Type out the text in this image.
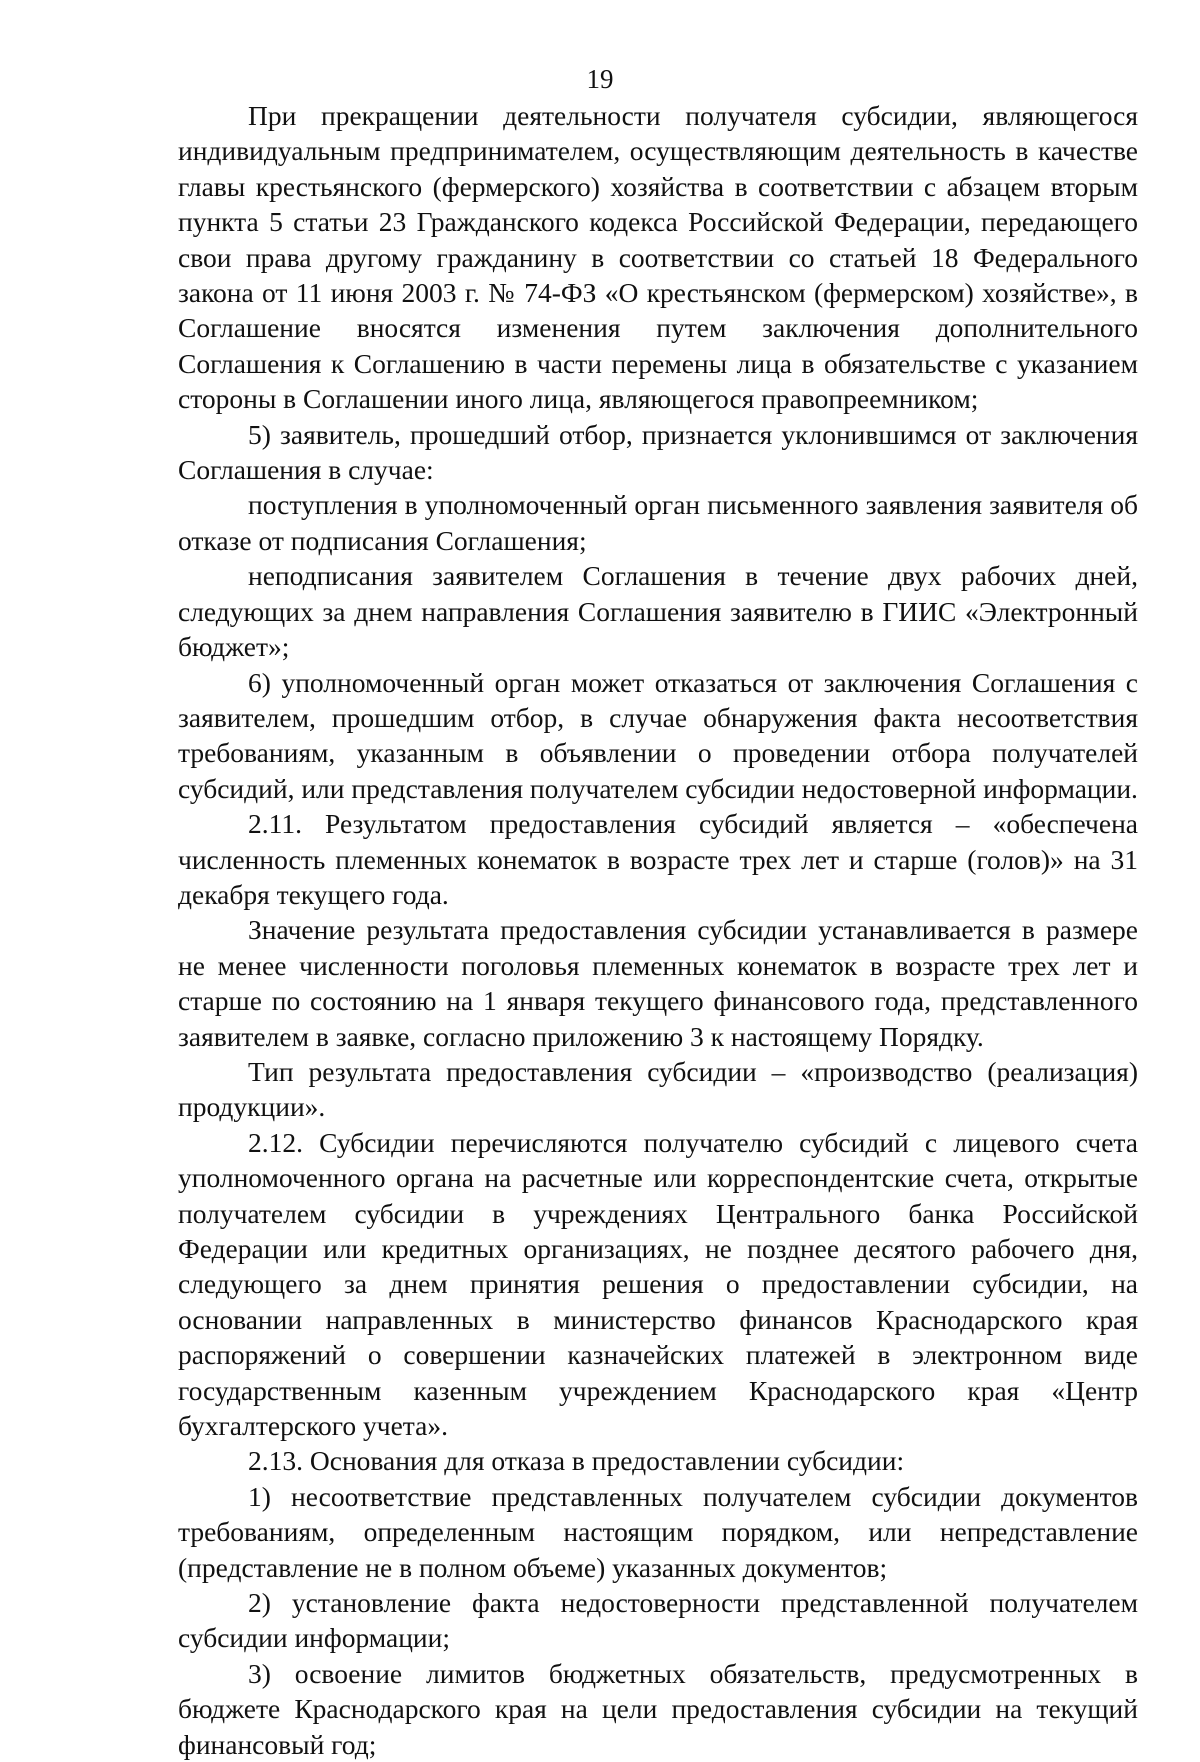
19

При прекращении деятельности получателя субсидии, являющегося индивидуальным предпринимателем, осуществляющим деятельность в качестве главы крестьянского (фермерского) хозяйства в соответствии с абзацем вторым пункта 5 статьи 23 Гражданского кодекса Российской Федерации, передающего свои права другому гражданину в соответствии со статьей 18 Федерального закона от 11 июня 2003 г. № 74-ФЗ «О крестьянском (фермерском) хозяйстве», в Соглашение вносятся изменения путем заключения дополнительного Соглашения к Соглашению в части перемены лица в обязательстве с указанием стороны в Соглашении иного лица, являющегося правопреемником;

5) заявитель, прошедший отбор, признается уклонившимся от заключения Соглашения в случае:

поступления в уполномоченный орган письменного заявления заявителя об отказе от подписания Соглашения;

неподписания заявителем Соглашения в течение двух рабочих дней, следующих за днем направления Соглашения заявителю в ГИИС «Электронный бюджет»;

6) уполномоченный орган может отказаться от заключения Соглашения с заявителем, прошедшим отбор, в случае обнаружения факта несоответствия требованиям, указанным в объявлении о проведении отбора получателей субсидий, или представления получателем субсидии недостоверной информации.

2.11. Результатом предоставления субсидий является – «обеспечена численность племенных конематок в возрасте трех лет и старше (голов)» на 31 декабря текущего года.

Значение результата предоставления субсидии устанавливается в размере не менее численности поголовья племенных конематок в возрасте трех лет и старше по состоянию на 1 января текущего финансового года, представленного заявителем в заявке, согласно приложению 3 к настоящему Порядку.

Тип результата предоставления субсидии – «производство (реализация) продукции».

2.12. Субсидии перечисляются получателю субсидий с лицевого счета уполномоченного органа на расчетные или корреспондентские счета, открытые получателем субсидии в учреждениях Центрального банка Российской Федерации или кредитных организациях, не позднее десятого рабочего дня, следующего за днем принятия решения о предоставлении субсидии, на основании направленных в министерство финансов Краснодарского края распоряжений о совершении казначейских платежей в электронном виде государственным казенным учреждением Краснодарского края «Центр бухгалтерского учета».

2.13. Основания для отказа в предоставлении субсидии:

1) несоответствие представленных получателем субсидии документов требованиям, определенным настоящим порядком, или непредставление (представление не в полном объеме) указанных документов;

2) установление факта недостоверности представленной получателем субсидии информации;

3) освоение лимитов бюджетных обязательств, предусмотренных в бюджете Краснодарского края на цели предоставления субсидии на текущий финансовый год;
